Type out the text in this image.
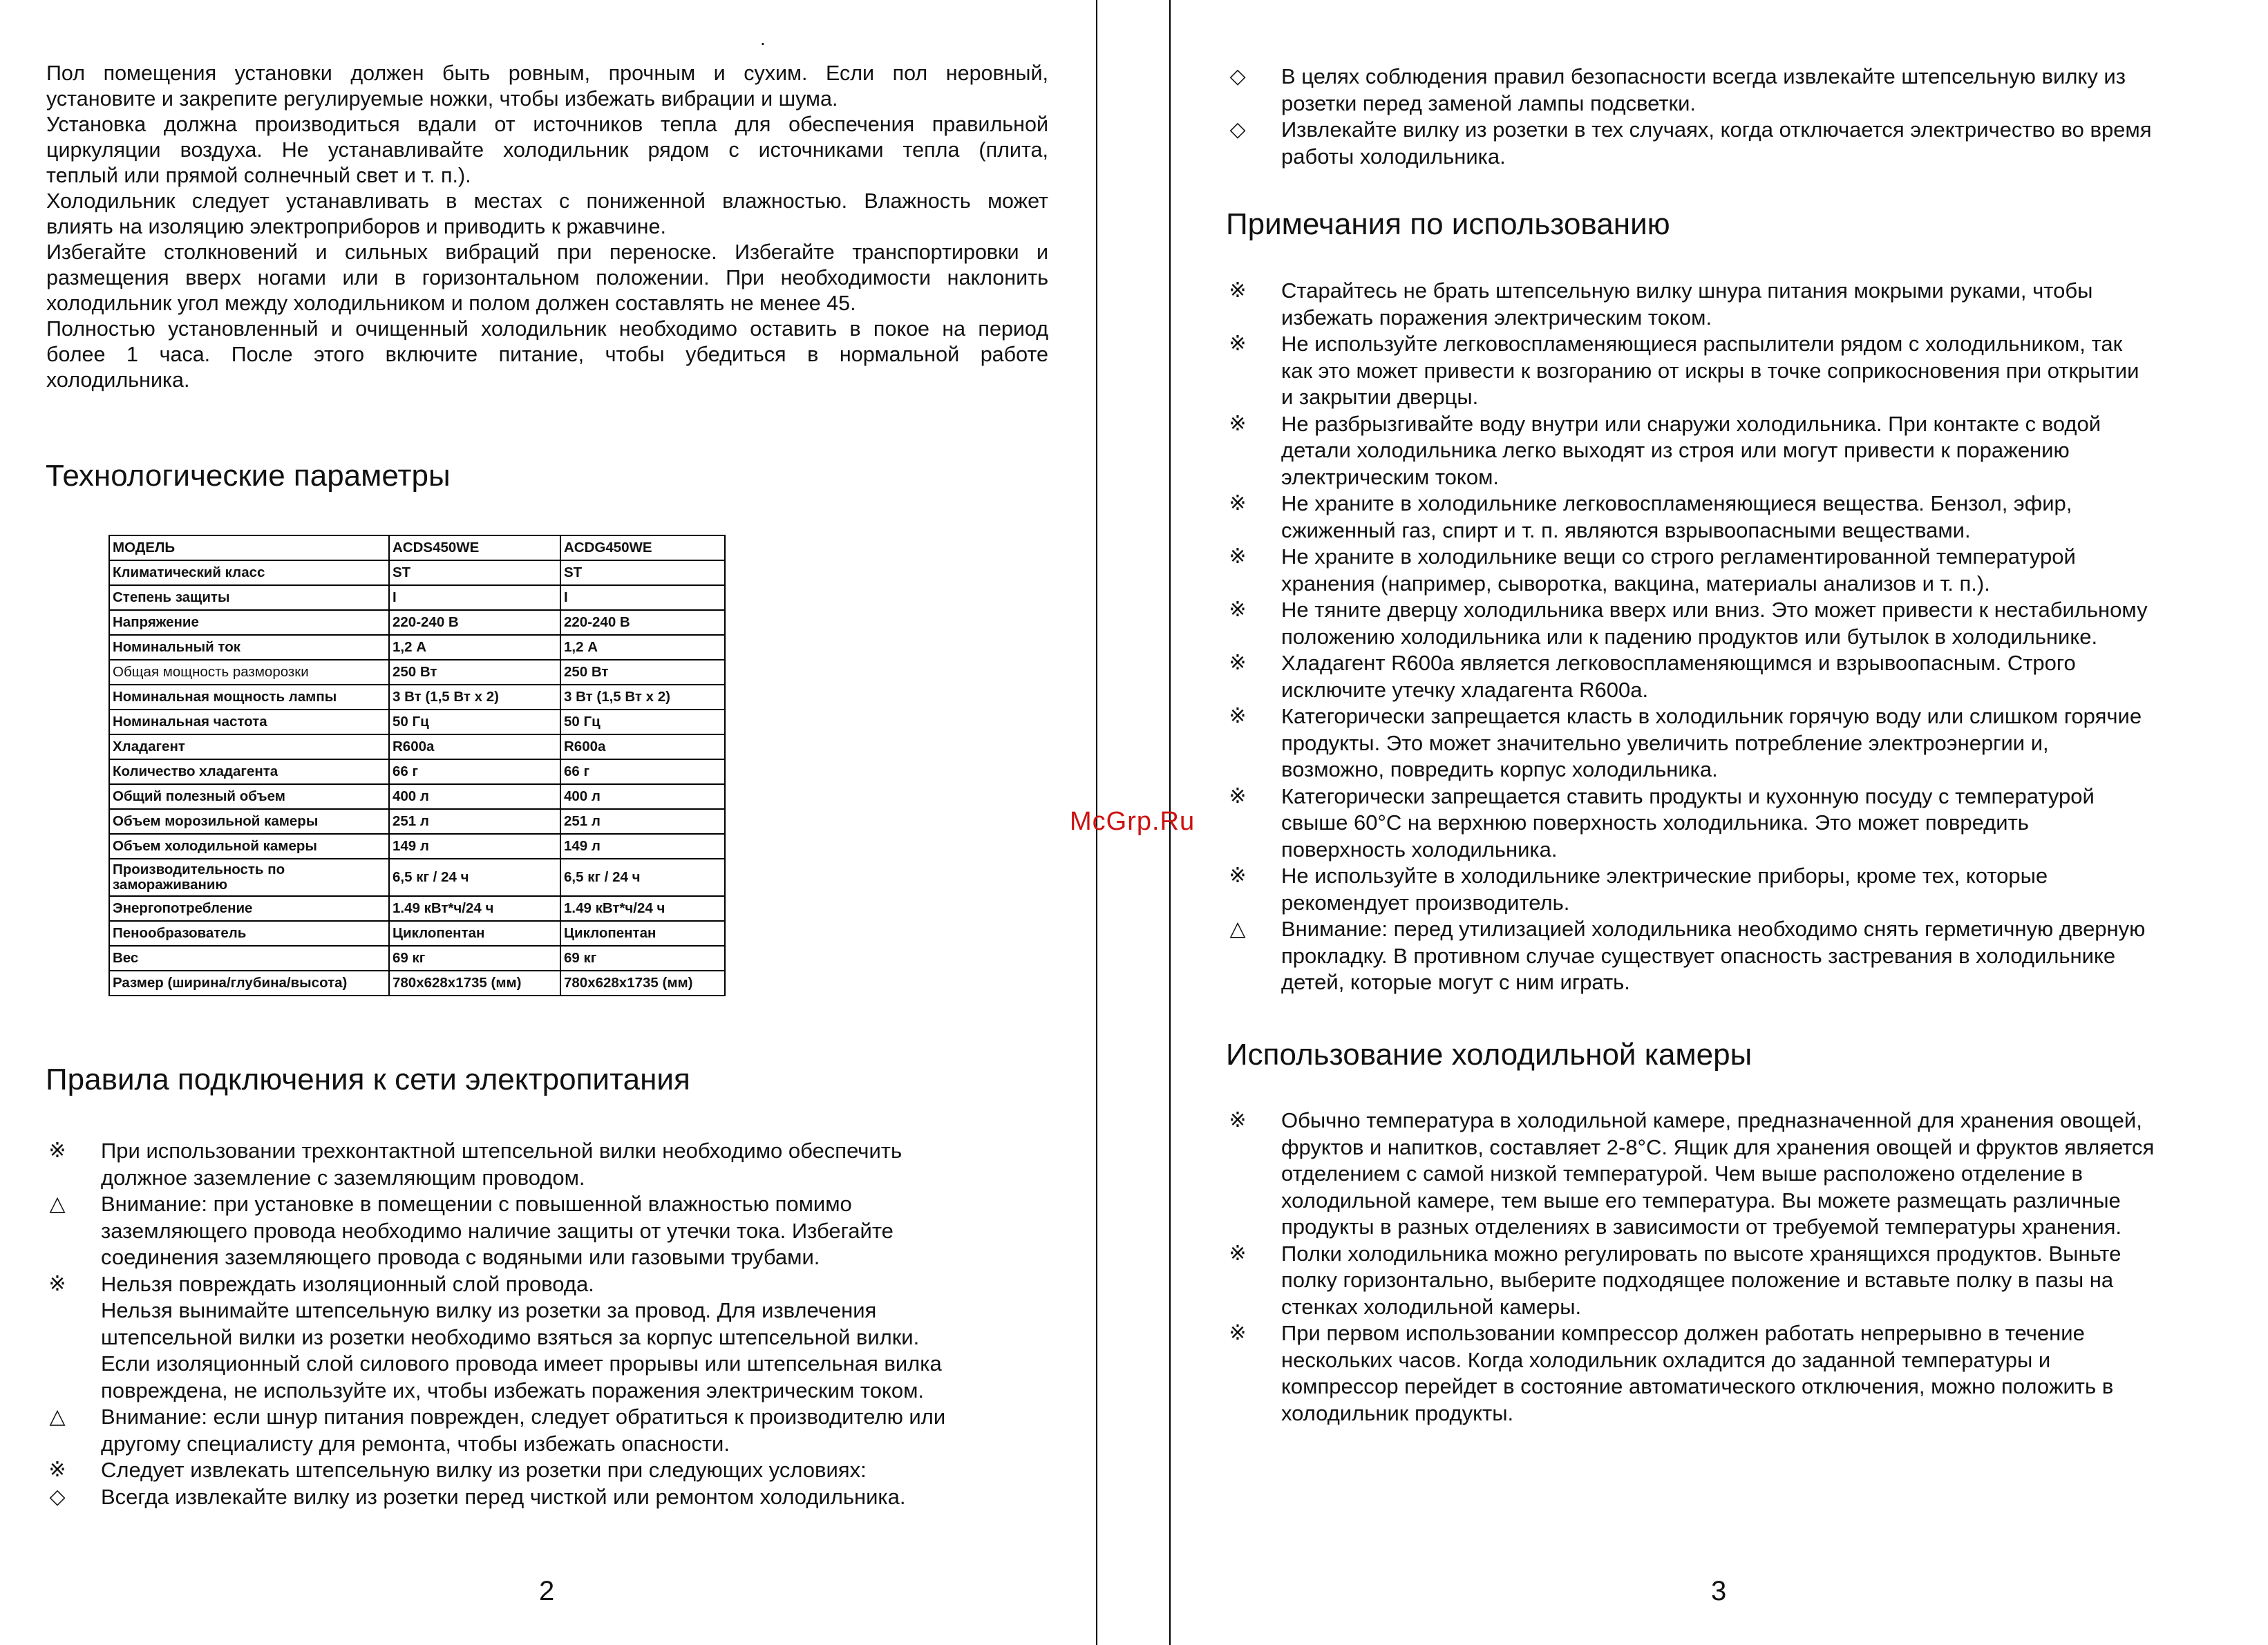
.
Пол помещения установки должен быть ровным, прочным и сухим. Если пол неровный,
установите и закрепите регулируемые ножки, чтобы избежать вибрации и шума.
Установка должна производиться вдали от источников тепла для обеспечения правильной
циркуляции воздуха. Не устанавливайте холодильник рядом с источниками тепла (плита,
теплый или прямой солнечный свет и т. п.).
Холодильник следует устанавливать в местах с пониженной влажностью. Влажность может
влиять на изоляцию электроприборов и приводить к ржавчине.
Избегайте столкновений и сильных вибраций при переноске. Избегайте транспортировки и
размещения вверх ногами или в горизонтальном положении. При необходимости наклонить
холодильник угол между холодильником и полом должен составлять не менее 45.
Полностью установленный и очищенный холодильник необходимо оставить в покое на период
более 1 часа. После этого включите питание, чтобы убедиться в нормальной работе
холодильника.
Технологические параметры
МОДЕЛЬ	ACDS450WE	ACDG450WE
Климатический класс	ST	ST
Степень защиты	I	I
Напряжение	220-240 В	220-240 В
Номинальный ток	1,2 А	1,2 А
Общая мощность разморозки	250 Вт	250 Вт
Номинальная мощность лампы	3 Вт (1,5 Вт х 2)	3 Вт (1,5 Вт х 2)
Номинальная частота	50 Гц	50 Гц
Хладагент	R600a	R600a
Количество хладагента	66 г	66 г
Общий полезный объем	400 л	400 л
Объем морозильной камеры	251 л	251 л
Объем холодильной камеры	149 л	149 л
Производительность по замораживанию	6,5 кг / 24 ч	6,5 кг / 24 ч
Энергопотребление	1.49 кВт*ч/24 ч	1.49 кВт*ч/24 ч
Пенообразователь	Циклопентан	Циклопентан
Вес	69 кг	69 кг
Размер (ширина/глубина/высота)	780x628x1735 (мм)	780x628x1735 (мм)
Правила подключения к сети электропитания
※ При использовании трехконтактной штепсельной вилки необходимо обеспечить
должное заземление с заземляющим проводом.
△ Внимание: при установке в помещении с повышенной влажностью помимо
заземляющего провода необходимо наличие защиты от утечки тока. Избегайте
соединения заземляющего провода с водяными или газовыми трубами.
※ Нельзя повреждать изоляционный слой провода.
Нельзя вынимайте штепсельную вилку из розетки за провод. Для извлечения
штепсельной вилки из розетки необходимо взяться за корпус штепсельной вилки.
Если изоляционный слой силового провода имеет прорывы или штепсельная вилка
повреждена, не используйте их, чтобы избежать поражения электрическим током.
△ Внимание: если шнур питания поврежден, следует обратиться к производителю или
другому специалисту для ремонта, чтобы избежать опасности.
※ Следует извлекать штепсельную вилку из розетки при следующих условиях:
◇ Всегда извлекайте вилку из розетки перед чисткой или ремонтом холодильника.
2
◇ В целях соблюдения правил безопасности всегда извлекайте штепсельную вилку из
розетки перед заменой лампы подсветки.
◇ Извлекайте вилку из розетки в тех случаях, когда отключается электричество во время
работы холодильника.
Примечания по использованию
※ Старайтесь не брать штепсельную вилку шнура питания мокрыми руками, чтобы
избежать поражения электрическим током.
※ Не используйте легковоспламеняющиеся распылители рядом с холодильником, так
как это может привести к возгоранию от искры в точке соприкосновения при открытии
и закрытии дверцы.
※ Не разбрызгивайте воду внутри или снаружи холодильника. При контакте с водой
детали холодильника легко выходят из строя или могут привести к поражению
электрическим током.
※ Не храните в холодильнике легковоспламеняющиеся вещества. Бензол, эфир,
сжиженный газ, спирт и т. п. являются взрывоопасными веществами.
※ Не храните в холодильнике вещи со строго регламентированной температурой
хранения (например, сыворотка, вакцина, материалы анализов и т. п.).
※ Не тяните дверцу холодильника вверх или вниз. Это может привести к нестабильному
положению холодильника или к падению продуктов или бутылок в холодильнике.
※ Хладагент R600a является легковоспламеняющимся и взрывоопасным. Строго
исключите утечку хладагента R600a.
※ Категорически запрещается класть в холодильник горячую воду или слишком горячие
продукты. Это может значительно увеличить потребление электроэнергии и,
возможно, повредить корпус холодильника.
※ Категорически запрещается ставить продукты и кухонную посуду с температурой
свыше 60°С на верхнюю поверхность холодильника. Это может повредить
поверхность холодильника.
※ Не используйте в холодильнике электрические приборы, кроме тех, которые
рекомендует производитель.
△ Внимание: перед утилизацией холодильника необходимо снять герметичную дверную
прокладку. В противном случае существует опасность застревания в холодильнике
детей, которые могут с ним играть.
Использование холодильной камеры
※ Обычно температура в холодильной камере, предназначенной для хранения овощей,
фруктов и напитков, составляет 2-8°С. Ящик для хранения овощей и фруктов является
отделением с самой низкой температурой. Чем выше расположено отделение в
холодильной камере, тем выше его температура. Вы можете размещать различные
продукты в разных отделениях в зависимости от требуемой температуры хранения.
※ Полки холодильника можно регулировать по высоте хранящихся продуктов. Выньте
полку горизонтально, выберите подходящее положение и вставьте полку в пазы на
стенках холодильной камеры.
※ При первом использовании компрессор должен работать непрерывно в течение
нескольких часов. Когда холодильник охладится до заданной температуры и
компрессор перейдет в состояние автоматического отключения, можно положить в
холодильник продукты.
3
McGrp.Ru
